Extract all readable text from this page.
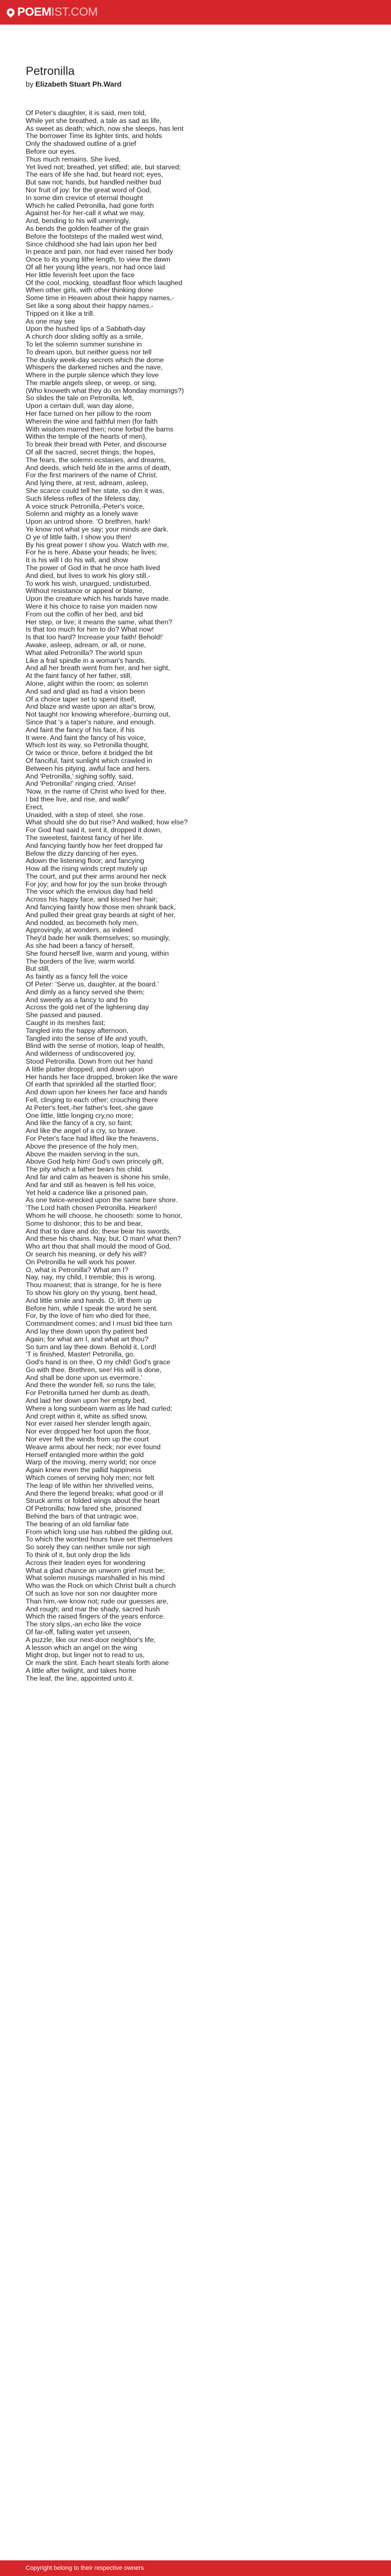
POEMIST.COM
Petronilla

by Elizabeth Stuart Ph.Ward

Of Peter's daughter, it is said, men told,
While yet she breathed, a tale as sad as life,
As sweet as death; which, now she sleeps, has lent
The borrower Time its lighter tints, and holds
Only the shadowed outline of a grief
Before our eyes.
Thus much remains. She lived,
Yet lived not; breathed, yet stifled; ate, but starved;
The ears of life she had, but heard not; eyes,
But saw not; hands, but handled neither bud
Nor fruit of joy: for the great word of God,
In some dim crevice of eternal thought
Which he called Petronilla, had gone forth
Against her-for her-call it what we may,
And, bending to his will unerringly,
As bends the golden feather of the grain
Before the footsteps of the mailed west wind,
Since childhood she had lain upon her bed
In peace and pain, nor had ever raised her body
Once to its young lithe length, to view the dawn
Of all her young lithe years, nor had once laid
Her little feverish feet upon the face
Of the cool, mocking, steadfast floor which laughed
When other girls, with other thinking done
Some time in Heaven about their happy names,-
Set like a song about their happy names,-
Tripped on it like a trill.
As one may see
Upon the hushed lips of a Sabbath-day
A church door sliding softly as a smile,
To let the solemn summer sunshine in
To dream upon, but neither guess nor tell
The dusky week-day secrets which the dome
Whispers the darkened niches and the nave,
Where in the purple silence which they love
The marble angels sleep, or weep, or sing,
(Who knoweth what they do on Monday mornings?)
So slides the tale on Petronilla, left,
Upon a certain dull, wan day alone,
Her face turned on her pillow to the room
Wherein the wine and faithful men (for faith
With wisdom marred then; none forbid the barns
Within the temple of the hearts of men),
To break their bread with Peter, and discourse
Of all the sacred, secret things; the hopes,
The fears, the solemn ecstasies, and dreams,
And deeds, which held life in the arms of death,
For the first mariners of the name of Christ.
And lying there, at rest, adream, asleep,
She scarce could tell her state, so dim it was,
Such lifeless reflex of the lifeless day,
A voice struck Petronilla,-Peter's voice,
Solemn and mighty as a lonely wave
Upon an untrod shore. 'O brethren, hark!
Ye know not what ye say; your minds are dark.
O ye of little faith, I show you then!
By his great power I show you. Watch with me,
For he is here. Abase your heads; he lives;
It is his will I do his will, and show
The power of God in that he once hath lived
And died, but lives to work his glory still,-
To work his wish, unargued, undisturbed,
Without resistance or appeal or blame,
Upon the creature which his hands have made.
Were it his choice to raise yon maiden now
From out the coffin of her bed, and bid
Her step, or live; it means the same, what then?
Is that too much for him to do? What now!
Is that too hard? Increase your faith! Behold!'
Awake, asleep, adream, or all, or none,
What ailed Petronilla? The world spun
Like a frail spindle in a woman's hands.
And all her breath went from her, and her sight,
At the faint fancy of her father, still,
Alone, alight within the room; as solemn
And sad and glad as had a vision been
Of a choice taper set to spend itself,
And blaze and waste upon an altar's brow,
Not taught nor knowing wherefore,-burning out,
Since that 's a taper's nature, and enough.
And faint the fancy of his face, if his
It were. And faint the fancy of his voice,
Which lost its way, so Petronilla thought,
Or twice or thrice, before it bridged the bit
Of fanciful, faint sunlight which crawled in
Between his pitying, awful face and hers.
And 'Petronilla,' sighing softly, said,
And 'Petronilla!' ringing cried, 'Arise!
'Now, in the name of Christ who lived for thee,
I bid thee live, and rise, and walk!'
Erect,
Unaided, with a step of steel, she rose.
What should she do but rise? And walked; how else?
For God had said it, sent it, dropped it down,
The sweetest, faintest fancy of her life.
And fancying faintly how her feet dropped far
Below the dizzy dancing of her eyes,
Adown the listening floor; and fancying
How all the rising winds crept mutely up
The court, and put their arms around her neck
For joy; and how for joy the sun broke through
The visor which the envious day had held
Across his happy face, and kissed her hair;
And fancying faintly how those men shrank back,
And pulled their great gray beards at sight of her,
And nodded, as becometh holy men,
Approvingly, at wonders, as indeed
They'd bade her walk themselves; so musingly,
As she had been a fancy of herself,
She found herself live, warm and young, within
The borders of the live, warm world.
But still,
As faintly as a fancy fell the voice
Of Peter: 'Serve us, daughter, at the board.'
And dimly as a fancy served she them;
And sweetly as a fancy to and fro
Across the gold net of the lightening day
She passed and paused.
Caught in its meshes fast;
Tangled into the happy afternoon,
Tangled into the sense of life and youth,
Blind with the sense of motion, leap of health,
And wilderness of undiscovered joy,
Stood Petronilla. Down from out her hand
A little platter dropped, and down upon
Her hands her face dropped, broken like the ware
Of earth that sprinkled all the startled floor;
And down upon her knees her face and hands
Fell, clinging to each other; crouching there
At Peter's feet,-her father's feet,-she gave
One little, little longing cry,no more;
And like the fancy of a cry, so faint;
And like the angel of a cry, so brave.
For Peter's face had lifted like the heavens,
Above the presence of the holy men,
Above the maiden serving in the sun,
Above God help him! God's own princely gift,
The pity which a father bears his child.
And far and calm as heaven is shone his smile,
And far and still as heaven is fell his voice,
Yet held a cadence like a prisoned pain,
As one twice-wrecked upon the same bare shore.
'The Lord hath chosen Petronilla. Hearken!
Whom he will choose, he chooseth: some to honor,
Some to dishonor; this to be and bear,
And that to dare and do; these bear his swords,
And these his chains. Nay, but, O man! what then?
Who art thou that shall mould the mood of God,
Or search his meaning, or defy his will?
On Petronilla he will work his power.
O, what is Petronilla? What am I?
Nay, nay, my child, I tremble; this is wrong.
Thou moanest; that is strange, for he is here
To show his glory on thy young, bent head,
And little smile and hands. O, lift them up
Before him, while I speak the word he sent.
For, by the love of him who died for thee,
Commandment comes; and I must bid thee turn
And lay thee down upon thy patient bed
Again; for what am I, and what art thou?
So turn and lay thee down. Behold it, Lord!
'T is finished, Master! Petronilla, go.
God's hand is on thee, O my child! God's grace
Go with thee. Brethren, see! His will is done,
And shall be done upon us evermore.'
And there the wonder fell, so runs the tale;
For Petronilla turned her dumb as death,
And laid her down upon her empty bed,
Where a long sunbeam warm as life had curled;
And crept within it, white as sifted snow,
Nor ever raised her slender length again,
Nor ever dropped her foot upon the floor,
Nor ever felt the winds from up the court
Weave arms about her neck; nor ever found
Herself entangled more within the gold
Warp of the moving, merry world; nor once
Again knew even the pallid happiness
Which comes of serving holy men; nor felt
The leap of life within her shrivelled veins,
And there the legend breaks; what good or ill
Struck arms or folded wings about the heart
Of Petronilla; how fared she, prisoned
Behind the bars of that untragic woe,
The bearing of an old familiar fate
From which long use has rubbed the gilding out,
To which the wonted hours have set themselves
So sorely they can neither smile nor sigh
To think of it, but only drop the lids
Across their leaden eyes for wondering
What a glad chance an unworn grief must be;
What solemn musings marshalled in his mind
Who was the Rock on which Christ built a church
Of such as love nor son nor daughter more
Than him,-we know not; rude our guesses are,
And rough; and mar the shady, sacred hush
Which the raised fingers of the years enforce.
The story slips,-an echo like the voice
Of far-off, falling water yet unseen,
A puzzle, like our next-door neighbor's life;
A lesson which an angel on the wing
Might drop, but linger not to read to us,
Or mark the stint. Each heart steals forth alone
A little after twilight, and takes home
The leaf, the line, appointed unto it.
Copyright belong to their respective owners
